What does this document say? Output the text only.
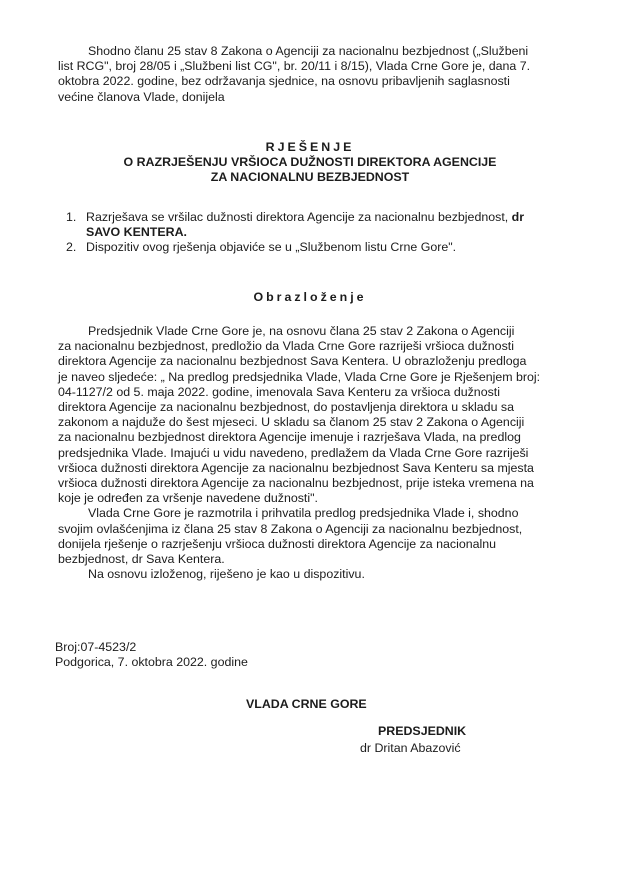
Shodno članu 25 stav 8 Zakona o Agenciji za nacionalnu bezbjednost („Službeni
list RCG", broj 28/05 i „Službeni list CG", br. 20/11 i 8/15), Vlada Crne Gore je, dana 7.
oktobra 2022. godine, bez održavanja sjednice, na osnovu pribavljenih saglasnosti
većine članova Vlade, donijela
RJEŠENJE
O RAZRJEŠENJU VRŠIOCA DUŽNOSTI DIREKTORA AGENCIJE
ZA NACIONALNU BEZBJEDNOST
1. Razrješava se vršilac dužnosti direktora Agencije za nacionalnu bezbjednost, dr
SAVO KENTERA.
2. Dispozitiv ovog rješenja objaviće se u „Službenom listu Crne Gore".
Obrazloženje
Predsjednik Vlade Crne Gore je, na osnovu člana 25 stav 2 Zakona o Agenciji
za nacionalnu bezbjednost, predložio da Vlada Crne Gore razriješi vršioca dužnosti
direktora Agencije za nacionalnu bezbjednost Sava Kentera. U obrazloženju predloga
je naveo sljedeće: „ Na predlog predsjednika Vlade, Vlada Crne Gore je Rješenjem broj:
04-1127/2 od 5. maja 2022. godine, imenovala Sava Kenteru za vršioca dužnosti
direktora Agencije za nacionalnu bezbjednost, do postavljenja direktora u skladu sa
zakonom a najduže do šest mjeseci. U skladu sa članom 25 stav 2 Zakona o Agenciji
za nacionalnu bezbjednost direktora Agencije imenuje i razrješava Vlada, na predlog
predsjednika Vlade. Imajući u vidu navedeno, predlažem da Vlada Crne Gore razriješi
vršioca dužnosti direktora Agencije za nacionalnu bezbjednost Sava Kenteru sa mjesta
vršioca dužnosti direktora Agencije za nacionalnu bezbjednost, prije isteka vremena na
koje je određen za vršenje navedene dužnosti".
Vlada Crne Gore je razmotrila i prihvatila predlog predsjednika Vlade i, shodno
svojim ovlašćenjima iz člana 25 stav 8 Zakona o Agenciji za nacionalnu bezbjednost,
donijela rješenje o razrješenju vršioca dužnosti direktora Agencije za nacionalnu
bezbjednost, dr Sava Kentera.
Na osnovu izloženog, riješeno je kao u dispozitivu.
Broj:07-4523/2
Podgorica, 7. oktobra 2022. godine
VLADA CRNE GORE
PREDSJEDNIK
dr Dritan Abazović
